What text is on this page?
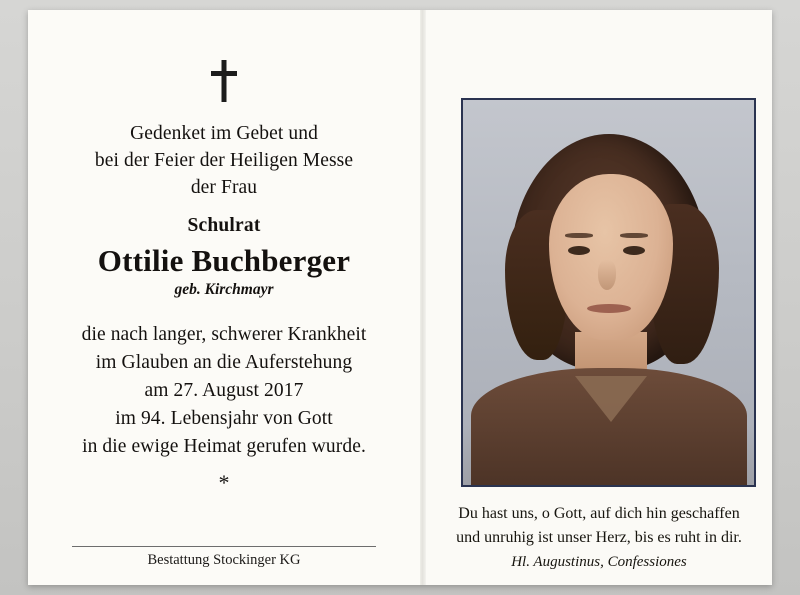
Gedenket im Gebet und
bei der Feier der Heiligen Messe
der Frau
Schulrat
Ottilie Buchberger
geb. Kirchmayr
die nach langer, schwerer Krankheit
im Glauben an die Auferstehung
am 27. August 2017
im 94. Lebensjahr von Gott
in die ewige Heimat gerufen wurde.
*
Bestattung Stockinger KG
Du hast uns, o Gott, auf dich hin geschaffen
und unruhig ist unser Herz, bis es ruht in dir.
Hl. Augustinus, Confessiones
